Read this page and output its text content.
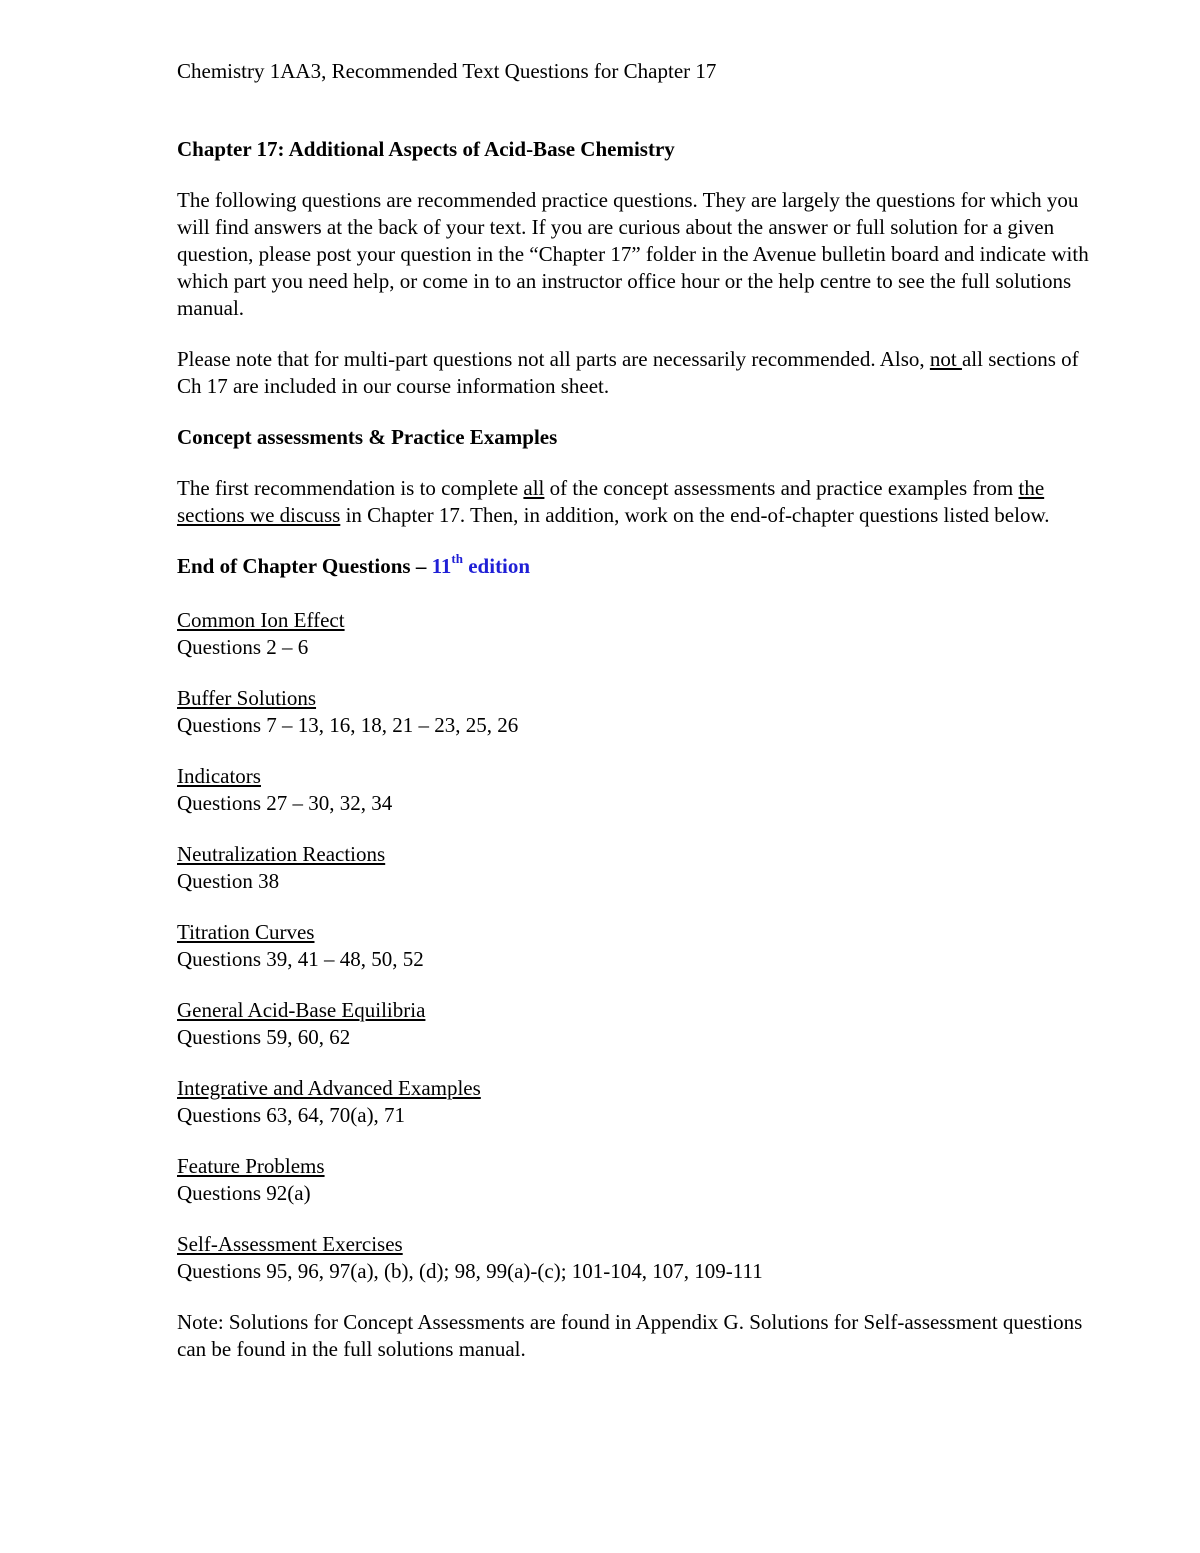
Chemistry 1AA3, Recommended Text Questions for Chapter 17
Chapter 17: Additional Aspects of Acid-Base Chemistry
The following questions are recommended practice questions. They are largely the questions for which you will find answers at the back of your text. If you are curious about the answer or full solution for a given question, please post your question in the “Chapter 17” folder in the Avenue bulletin board and indicate with which part you need help, or come in to an instructor office hour or the help centre to see the full solutions manual.
Please note that for multi-part questions not all parts are necessarily recommended. Also, not all sections of Ch 17 are included in our course information sheet.
Concept assessments & Practice Examples
The first recommendation is to complete all of the concept assessments and practice examples from the sections we discuss in Chapter 17. Then, in addition, work on the end-of-chapter questions listed below.
End of Chapter Questions – 11th edition
Common Ion Effect
Questions 2 – 6
Buffer Solutions
Questions 7 – 13, 16, 18, 21 – 23, 25, 26
Indicators
Questions 27 – 30, 32, 34
Neutralization Reactions
Question 38
Titration Curves
Questions 39, 41 – 48, 50, 52
General Acid-Base Equilibria
Questions 59, 60, 62
Integrative and Advanced Examples
Questions 63, 64, 70(a), 71
Feature Problems
Questions 92(a)
Self-Assessment Exercises
Questions 95, 96, 97(a), (b), (d); 98, 99(a)-(c); 101-104, 107, 109-111
Note: Solutions for Concept Assessments are found in Appendix G. Solutions for Self-assessment questions can be found in the full solutions manual.
